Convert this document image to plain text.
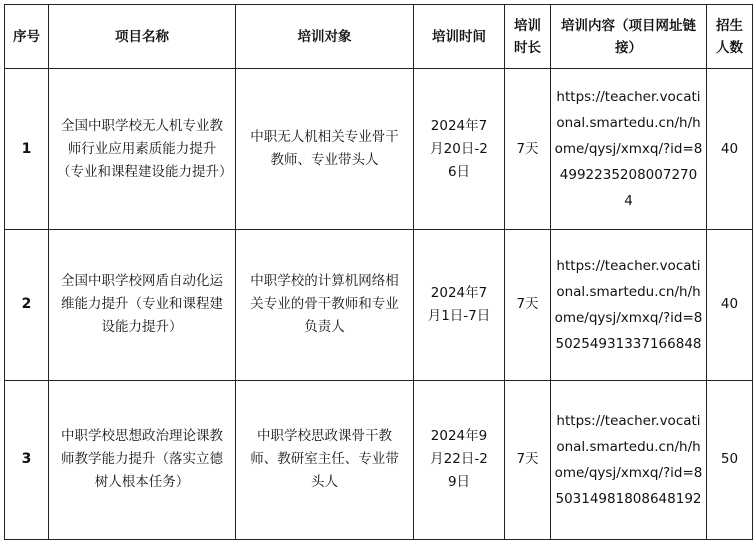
序号	项目名称	培训对象	培训时间	培训时长	培训内容（项目网址链接）	招生人数
1	全国中职学校无人机专业教师行业应用素质能力提升（专业和课程建设能力提升）	中职无人机相关专业骨干教师、专业带头人	2024年7月20日-26日	7天	https://teacher.vocational.smartedu.cn/h/home/qysj/xmxq/?id=84992235208007270 4	40
2	全国中职学校网盾自动化运维能力提升（专业和课程建设能力提升）	中职学校的计算机网络相关专业的骨干教师和专业负责人	2024年7月1日-7日	7天	https://teacher.vocational.smartedu.cn/h/home/qysj/xmxq/?id=850254931337166848	40
3	中职学校思想政治理论课教师教学能力提升（落实立德树人根本任务）	中职学校思政课骨干教师、教研室主任、专业带头人	2024年9月22日-29日	7天	https://teacher.vocational.smartedu.cn/h/home/qysj/xmxq/?id=850314981808648192	50
